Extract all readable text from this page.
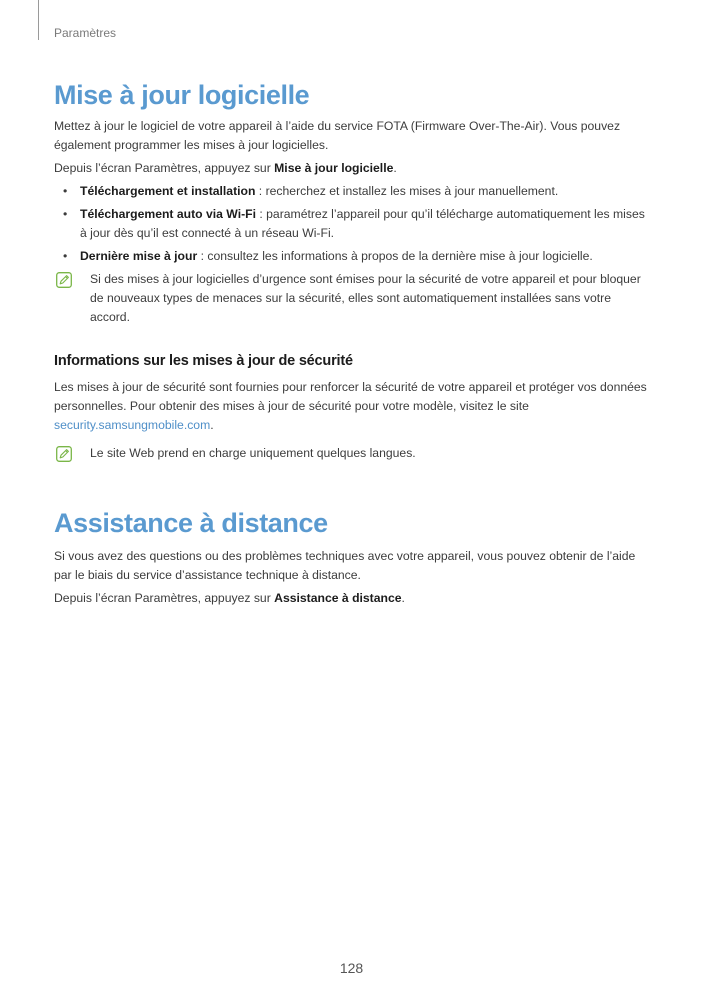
Paramètres
Mise à jour logicielle

Mettez à jour le logiciel de votre appareil à l’aide du service FOTA (Firmware Over-The-Air). Vous pouvez également programmer les mises à jour logicielles.

Depuis l’écran Paramètres, appuyez sur Mise à jour logicielle.

• Téléchargement et installation : recherchez et installez les mises à jour manuellement.
• Téléchargement auto via Wi-Fi : paramétrez l’appareil pour qu’il télécharge automatiquement les mises à jour dès qu’il est connecté à un réseau Wi-Fi.
• Dernière mise à jour : consultez les informations à propos de la dernière mise à jour logicielle.

Si des mises à jour logicielles d’urgence sont émises pour la sécurité de votre appareil et pour bloquer de nouveaux types de menaces sur la sécurité, elles sont automatiquement installées sans votre accord.

Informations sur les mises à jour de sécurité

Les mises à jour de sécurité sont fournies pour renforcer la sécurité de votre appareil et protéger vos données personnelles. Pour obtenir des mises à jour de sécurité pour votre modèle, visitez le site security.samsungmobile.com.

Le site Web prend en charge uniquement quelques langues.

Assistance à distance

Si vous avez des questions ou des problèmes techniques avec votre appareil, vous pouvez obtenir de l’aide par le biais du service d’assistance technique à distance.

Depuis l’écran Paramètres, appuyez sur Assistance à distance.

128
